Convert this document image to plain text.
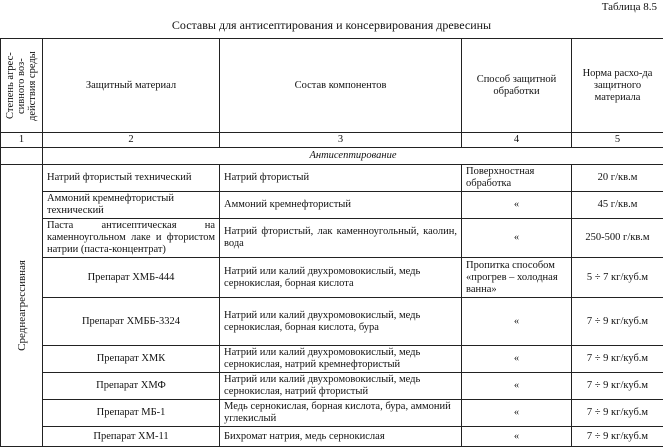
Таблица 8.5
Составы для антисептирования и консервирования древесины
Степень агрес-сивного воз-действия среды	Защитный материал	Состав компонентов	Способ защитной обработки	Норма расхо-да защитного материала
1	2	3	4	5
	Антисептирование			

Среднеагрессивная	Натрий фтористый технический	Натрий фтористый	Поверхностная обработка	20 г/кв.м
	Аммоний кремнефтористый технический	Аммоний кремнефтористый	«	45 г/кв.м
	Паста антисептическая на каменноугольном лаке и фтористом натрии (паста-концентрат)	Натрий фтористый, лак каменноугольный, каолин, вода	«	250-500 г/кв.м
	Препарат ХМБ-444	Натрий или калий двухромовокислый, медь сернокислая, борная кислота	Пропитка способом «прогрев – холодная ванна»	5 ÷ 7 кг/куб.м
	Препарат ХМББ-3324	Натрий или калий двухромовокислый, медь сернокислая, борная кислота, бура	«	7 ÷ 9 кг/куб.м
	Препарат ХМК	Натрий или калий двухромовокислый, медь сернокислая, натрий кремнефтористый	«	7 ÷ 9 кг/куб.м
	Препарат ХМФ	Натрий или калий двухромовокислый, медь сернокислая, натрий фтористый	«	7 ÷ 9 кг/куб.м
	Препарат МБ-1	Медь сернокислая, борная кислота, бура, аммоний углекислый	«	7 ÷ 9 кг/куб.м
	Препарат ХМ-11	Бихромат натрия, медь сернокислая	«	7 ÷ 9 кг/куб.м
